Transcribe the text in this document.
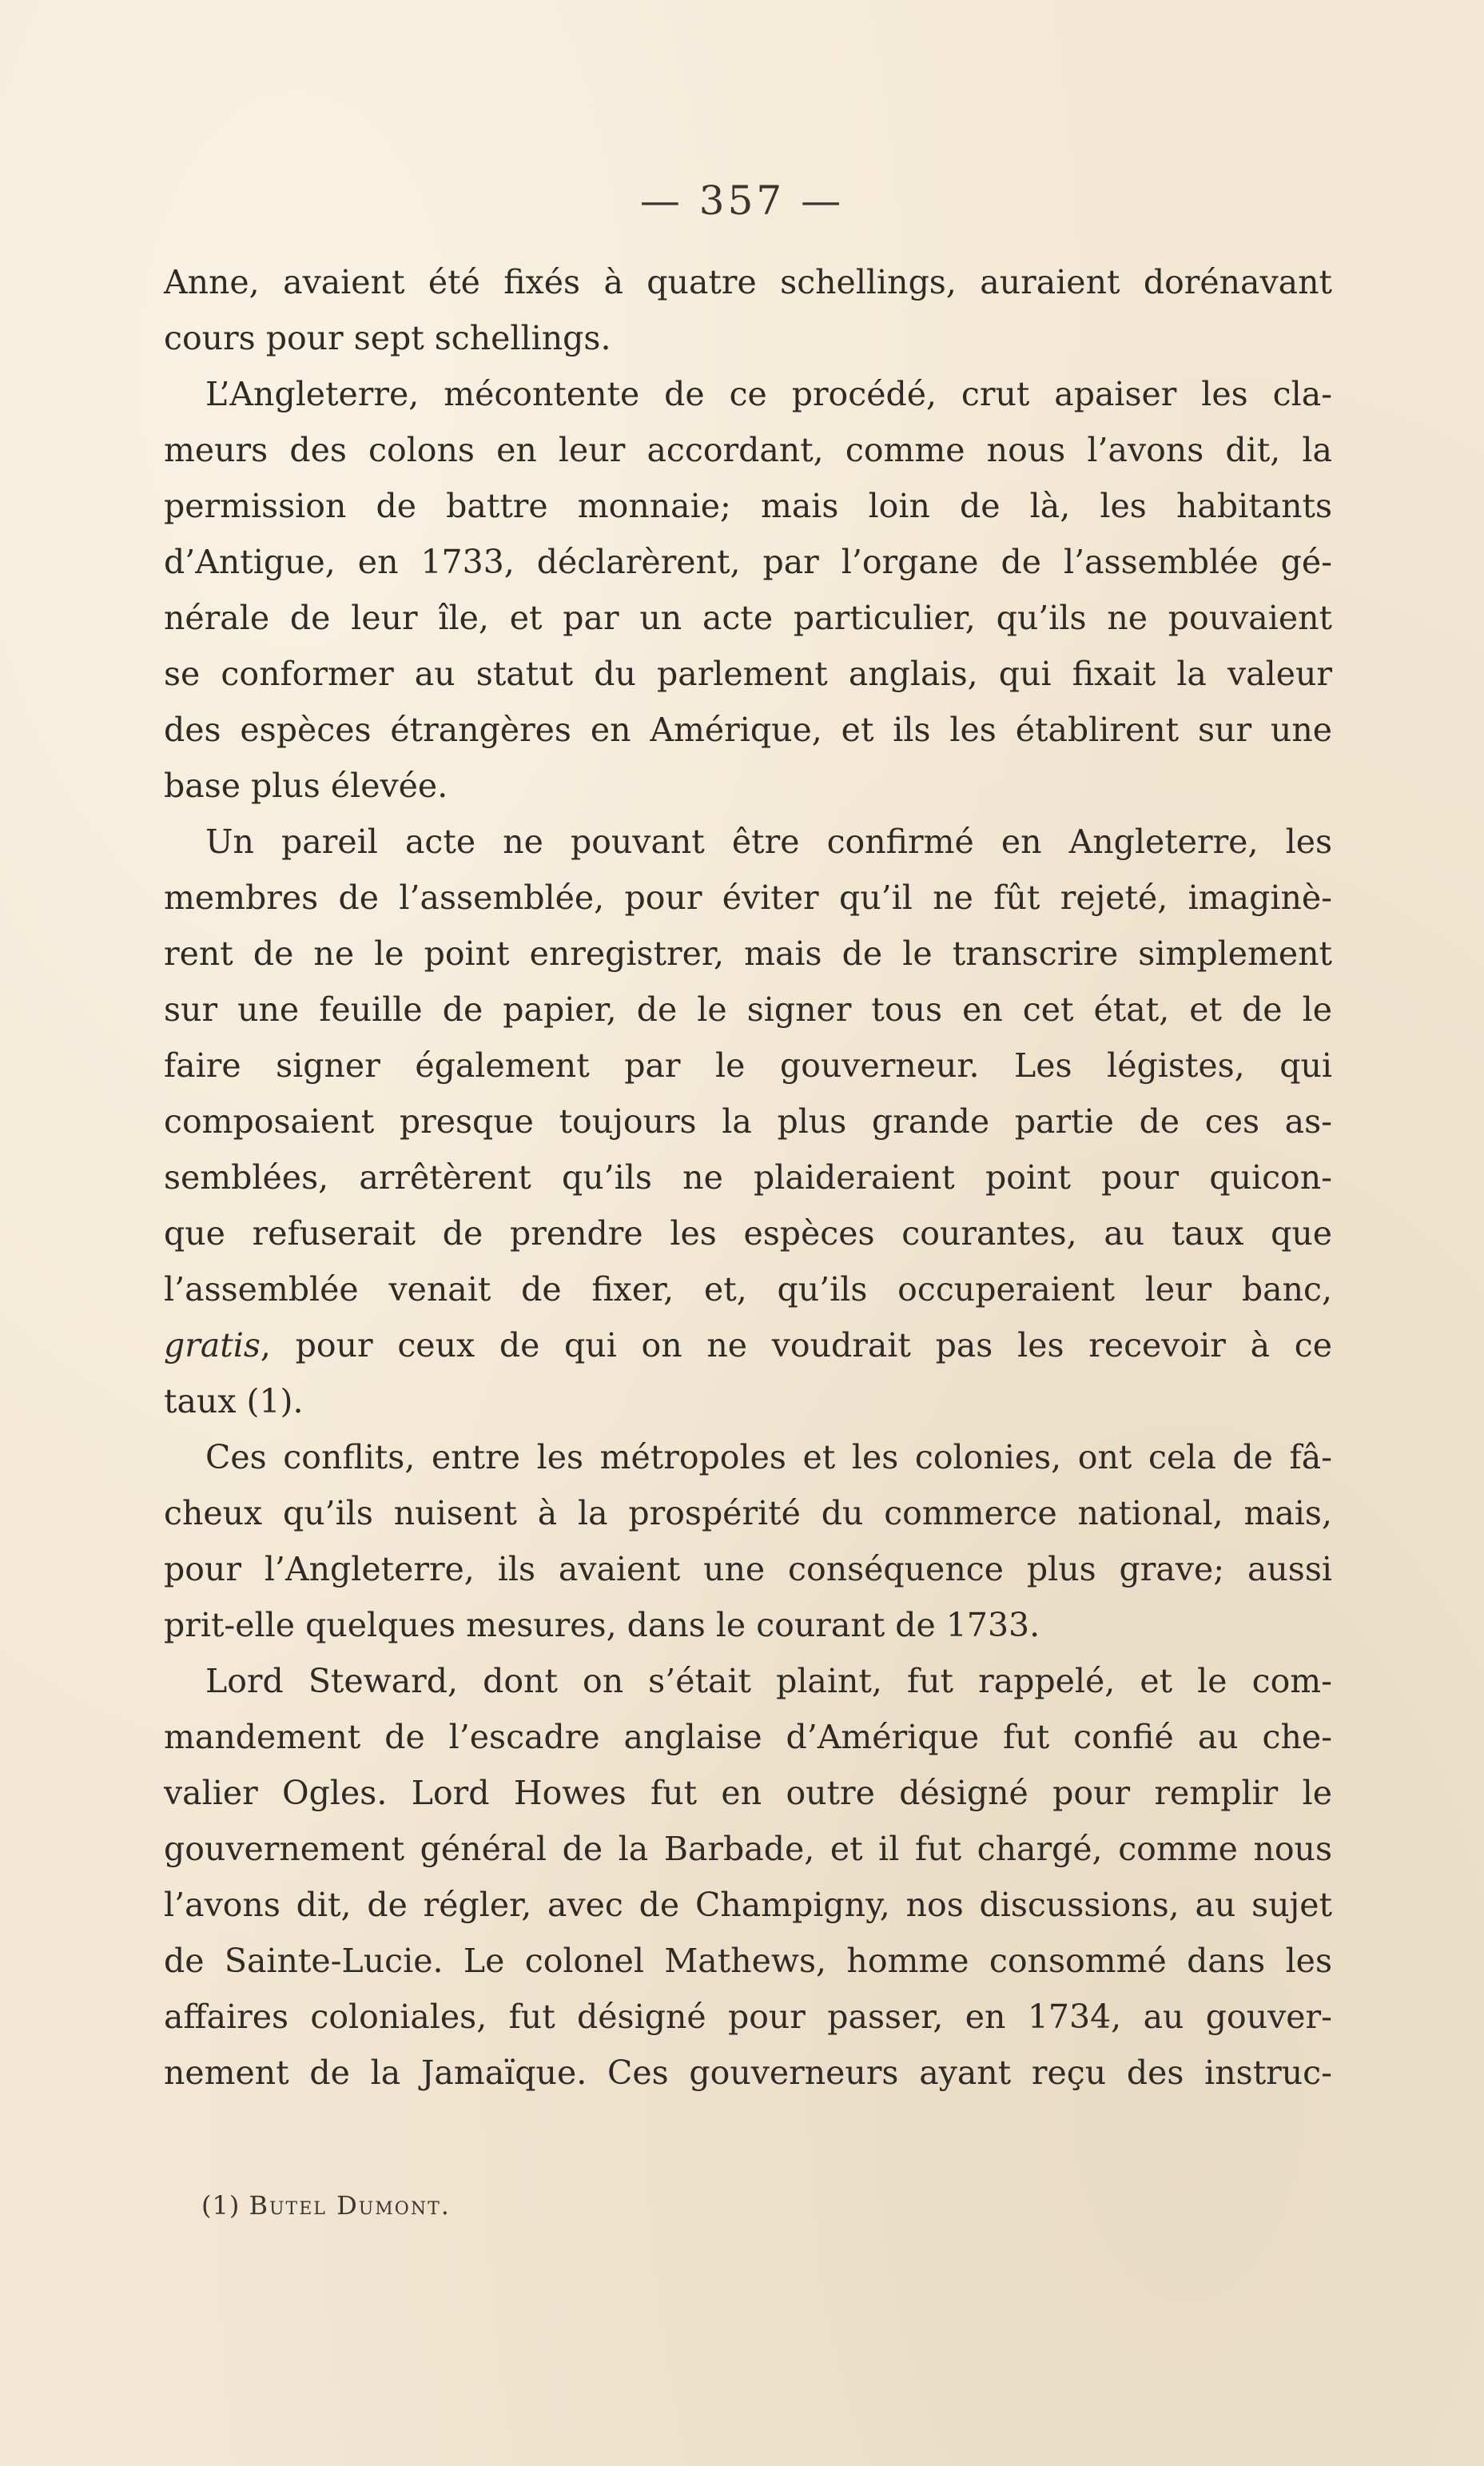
— 357 —
Anne, avaient été fixés à quatre schellings, auraient dorénavant
cours pour sept schellings.
L’Angleterre, mécontente de ce procédé, crut apaiser les cla-
meurs des colons en leur accordant, comme nous l’avons dit, la
permission de battre monnaie; mais loin de là, les habitants
d’Antigue, en 1733, déclarèrent, par l’organe de l’assemblée gé-
nérale de leur île, et par un acte particulier, qu’ils ne pouvaient
se conformer au statut du parlement anglais, qui fixait la valeur
des espèces étrangères en Amérique, et ils les établirent sur une
base plus élevée.
Un pareil acte ne pouvant être confirmé en Angleterre, les
membres de l’assemblée, pour éviter qu’il ne fût rejeté, imaginè-
rent de ne le point enregistrer, mais de le transcrire simplement
sur une feuille de papier, de le signer tous en cet état, et de le
faire signer également par le gouverneur. Les légistes, qui
composaient presque toujours la plus grande partie de ces as-
semblées, arrêtèrent qu’ils ne plaideraient point pour quicon-
que refuserait de prendre les espèces courantes, au taux que
l’assemblée venait de fixer, et, qu’ils occuperaient leur banc,
gratis, pour ceux de qui on ne voudrait pas les recevoir à ce
taux (1).
Ces conflits, entre les métropoles et les colonies, ont cela de fâ-
cheux qu’ils nuisent à la prospérité du commerce national, mais,
pour l’Angleterre, ils avaient une conséquence plus grave; aussi
prit-elle quelques mesures, dans le courant de 1733.
Lord Steward, dont on s’était plaint, fut rappelé, et le com-
mandement de l’escadre anglaise d’Amérique fut confié au che-
valier Ogles. Lord Howes fut en outre désigné pour remplir le
gouvernement général de la Barbade, et il fut chargé, comme nous
l’avons dit, de régler, avec de Champigny, nos discussions, au sujet
de Sainte-Lucie. Le colonel Mathews, homme consommé dans les
affaires coloniales, fut désigné pour passer, en 1734, au gouver-
nement de la Jamaïque. Ces gouverneurs ayant reçu des instruc-
(1) Butel Dumont.
